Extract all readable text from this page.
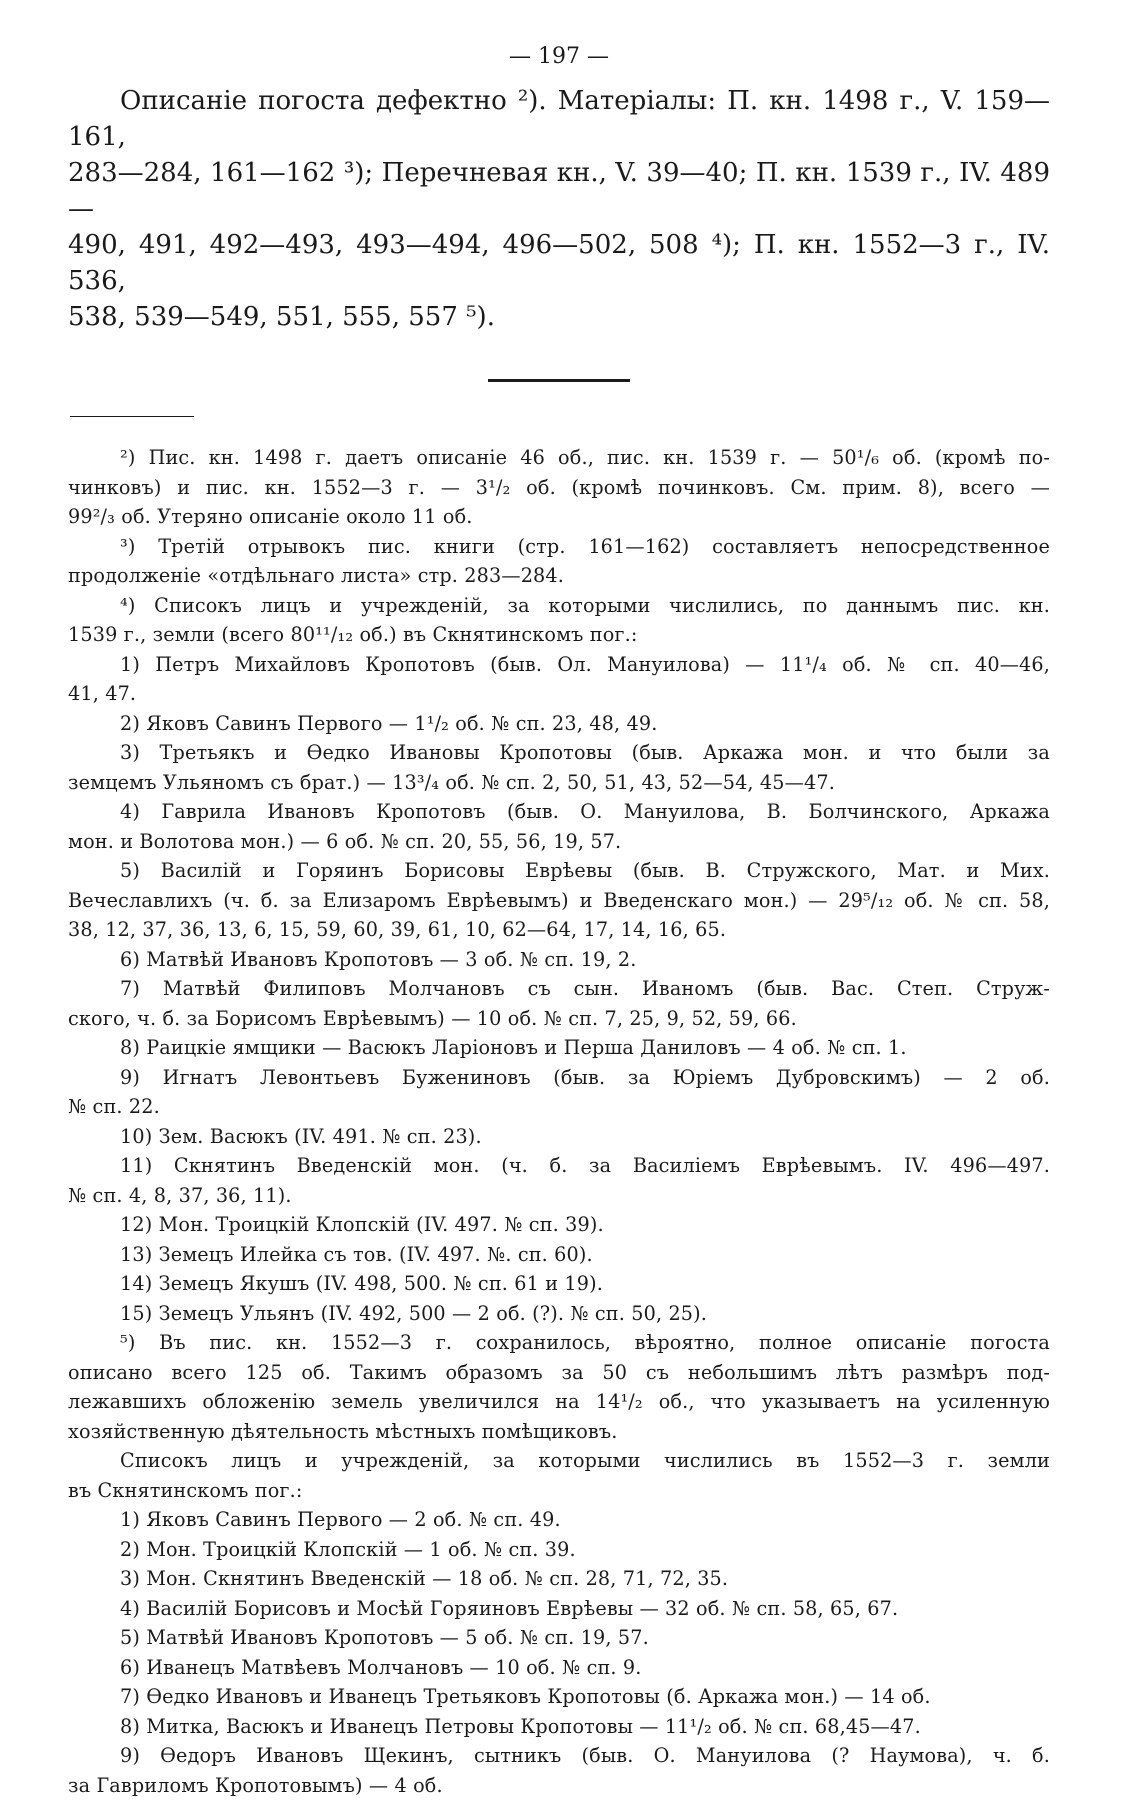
— 197 —

Описаніе погоста дефектно ²). Матеріалы: П. кн. 1498 г., V. 159—161,
283—284, 161—162 ³); Перечневая кн., V. 39—40; П. кн. 1539 г., IV. 489—
490, 491, 492—493, 493—494, 496—502, 508 ⁴); П. кн. 1552—3 г., IV. 536,
538, 539—549, 551, 555, 557 ⁵).

²) Пис. кн. 1498 г. даетъ описаніе 46 об., пис. кн. 1539 г. — 50¹/₆ об. (кромѣ по-
чинковъ) и пис. кн. 1552—3 г. — 3¹/₂ об. (кромѣ починковъ. См. прим. 8), всего —
99²/₃ об. Утеряно описаніе около 11 об.
³) Третій отрывокъ пис. книги (стр. 161—162) составляетъ непосредственное
продолженіе «отдѣльнаго листа» стр. 283—284.
⁴) Списокъ лицъ и учрежденій, за которыми числились, по даннымъ пис. кн.
1539 г., земли (всего 80¹¹/₁₂ об.) въ Скнятинскомъ пог.:
1) Петръ Михайловъ Кропотовъ (быв. Ол. Мануилова) — 11¹/₄ об. № сп. 40—46,
41, 47.
2) Яковъ Савинъ Первого — 1¹/₂ об. № сп. 23, 48, 49.
3) Третьякъ и Өедко Ивановы Кропотовы (быв. Аркажа мон. и что были за
земцемъ Ульяномъ съ брат.) — 13³/₄ об. № сп. 2, 50, 51, 43, 52—54, 45—47.
4) Гаврила Ивановъ Кропотовъ (быв. О. Мануилова, В. Болчинского, Аркажа
мон. и Волотова мон.) — 6 об. № сп. 20, 55, 56, 19, 57.
5) Василій и Горяинъ Борисовы Еврѣевы (быв. В. Стружского, Мат. и Мих.
Вечеславлихъ (ч. б. за Елизаромъ Еврѣевымъ) и Введенскаго мон.) — 29⁵/₁₂ об. № сп. 58,
38, 12, 37, 36, 13, 6, 15, 59, 60, 39, 61, 10, 62—64, 17, 14, 16, 65.
6) Матвѣй Ивановъ Кропотовъ — 3 об. № сп. 19, 2.
7) Матвѣй Филиповъ Молчановъ съ сын. Иваномъ (быв. Вас. Степ. Струж-
ского, ч. б. за Борисомъ Еврѣевымъ) — 10 об. № сп. 7, 25, 9, 52, 59, 66.
8) Раицкіе ямщики — Васюкъ Ларіоновъ и Перша Даниловъ — 4 об. № сп. 1.
9) Игнатъ Левонтьевъ Бужениновъ (быв. за Юріемъ Дубровскимъ) — 2 об.
№ сп. 22.
10) Зем. Васюкъ (IV. 491. № сп. 23).
11) Скнятинъ Введенскій мон. (ч. б. за Василіемъ Еврѣевымъ. IV. 496—497.
№ сп. 4, 8, 37, 36, 11).
12) Мон. Троицкій Клопскій (IV. 497. № сп. 39).
13) Земецъ Илейка съ тов. (IV. 497. №. сп. 60).
14) Земецъ Якушъ (IV. 498, 500. № сп. 61 и 19).
15) Земецъ Ульянъ (IV. 492, 500 — 2 об. (?). № сп. 50, 25).
⁵) Въ пис. кн. 1552—3 г. сохранилось, вѣроятно, полное описаніе погоста
описано всего 125 об. Такимъ образомъ за 50 съ небольшимъ лѣтъ размѣръ под-
лежавшихъ обложенію земель увеличился на 14¹/₂ об., что указываетъ на усиленную
хозяйственную дѣятельность мѣстныхъ помѣщиковъ.
Списокъ лицъ и учрежденій, за которыми числились въ 1552—3 г. земли
въ Скнятинскомъ пог.:
1) Яковъ Савинъ Первого — 2 об. № сп. 49.
2) Мон. Троицкій Клопскій — 1 об. № сп. 39.
3) Мон. Скнятинъ Введенскій — 18 об. № сп. 28, 71, 72, 35.
4) Василій Борисовъ и Мосѣй Горяиновъ Еврѣевы — 32 об. № сп. 58, 65, 67.
5) Матвѣй Ивановъ Кропотовъ — 5 об. № сп. 19, 57.
6) Иванецъ Матвѣевъ Молчановъ — 10 об. № сп. 9.
7) Өедко Ивановъ и Иванецъ Третьяковъ Кропотовы (б. Аркажа мон.) — 14 об.
8) Митка, Васюкъ и Иванецъ Петровы Кропотовы — 11¹/₂ об. № сп. 68,45—47.
9) Өедоръ Ивановъ Щекинъ, сытникъ (быв. О. Мануилова (? Наумова), ч. б.
за Гавриломъ Кропотовымъ) — 4 об.
